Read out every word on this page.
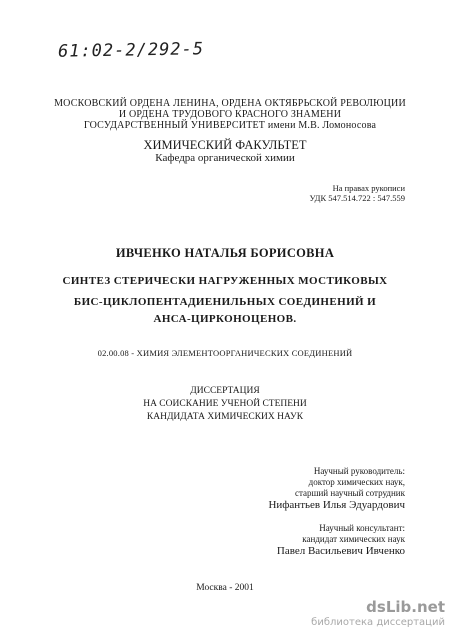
61:02-2/292-5
МОСКОВСКИЙ ОРДЕНА ЛЕНИНА, ОРДЕНА ОКТЯБРЬСКОЙ РЕВОЛЮЦИИ
И ОРДЕНА ТРУДОВОГО КРАСНОГО ЗНАМЕНИ
ГОСУДАРСТВЕННЫЙ УНИВЕРСИТЕТ имени М.В. Ломоносова
ХИМИЧЕСКИЙ ФАКУЛЬТЕТ
Кафедра органической химии
На правах рукописи
УДК 547.514.722 : 547.559
ИВЧЕНКО НАТАЛЬЯ БОРИСОВНА
СИНТЕЗ СТЕРИЧЕСКИ НАГРУЖЕННЫХ МОСТИКОВЫХ
БИС-ЦИКЛОПЕНТАДИЕНИЛЬНЫХ СОЕДИНЕНИЙ И
АНСА-ЦИРКОНОЦЕНОВ.
02.00.08 - ХИМИЯ ЭЛЕМЕНТООРГАНИЧЕСКИХ СОЕДИНЕНИЙ
ДИССЕРТАЦИЯ
НА СОИСКАНИЕ УЧЕНОЙ СТЕПЕНИ
КАНДИДАТА ХИМИЧЕСКИХ НАУК
Научный руководитель:
доктор химических наук,
старший научный сотрудник
Нифантьев Илья Эдуардович
Научный консультант:
кандидат химических наук
Павел Васильевич Ивченко
Москва - 2001
dsLib.net
библиотека диссертаций
